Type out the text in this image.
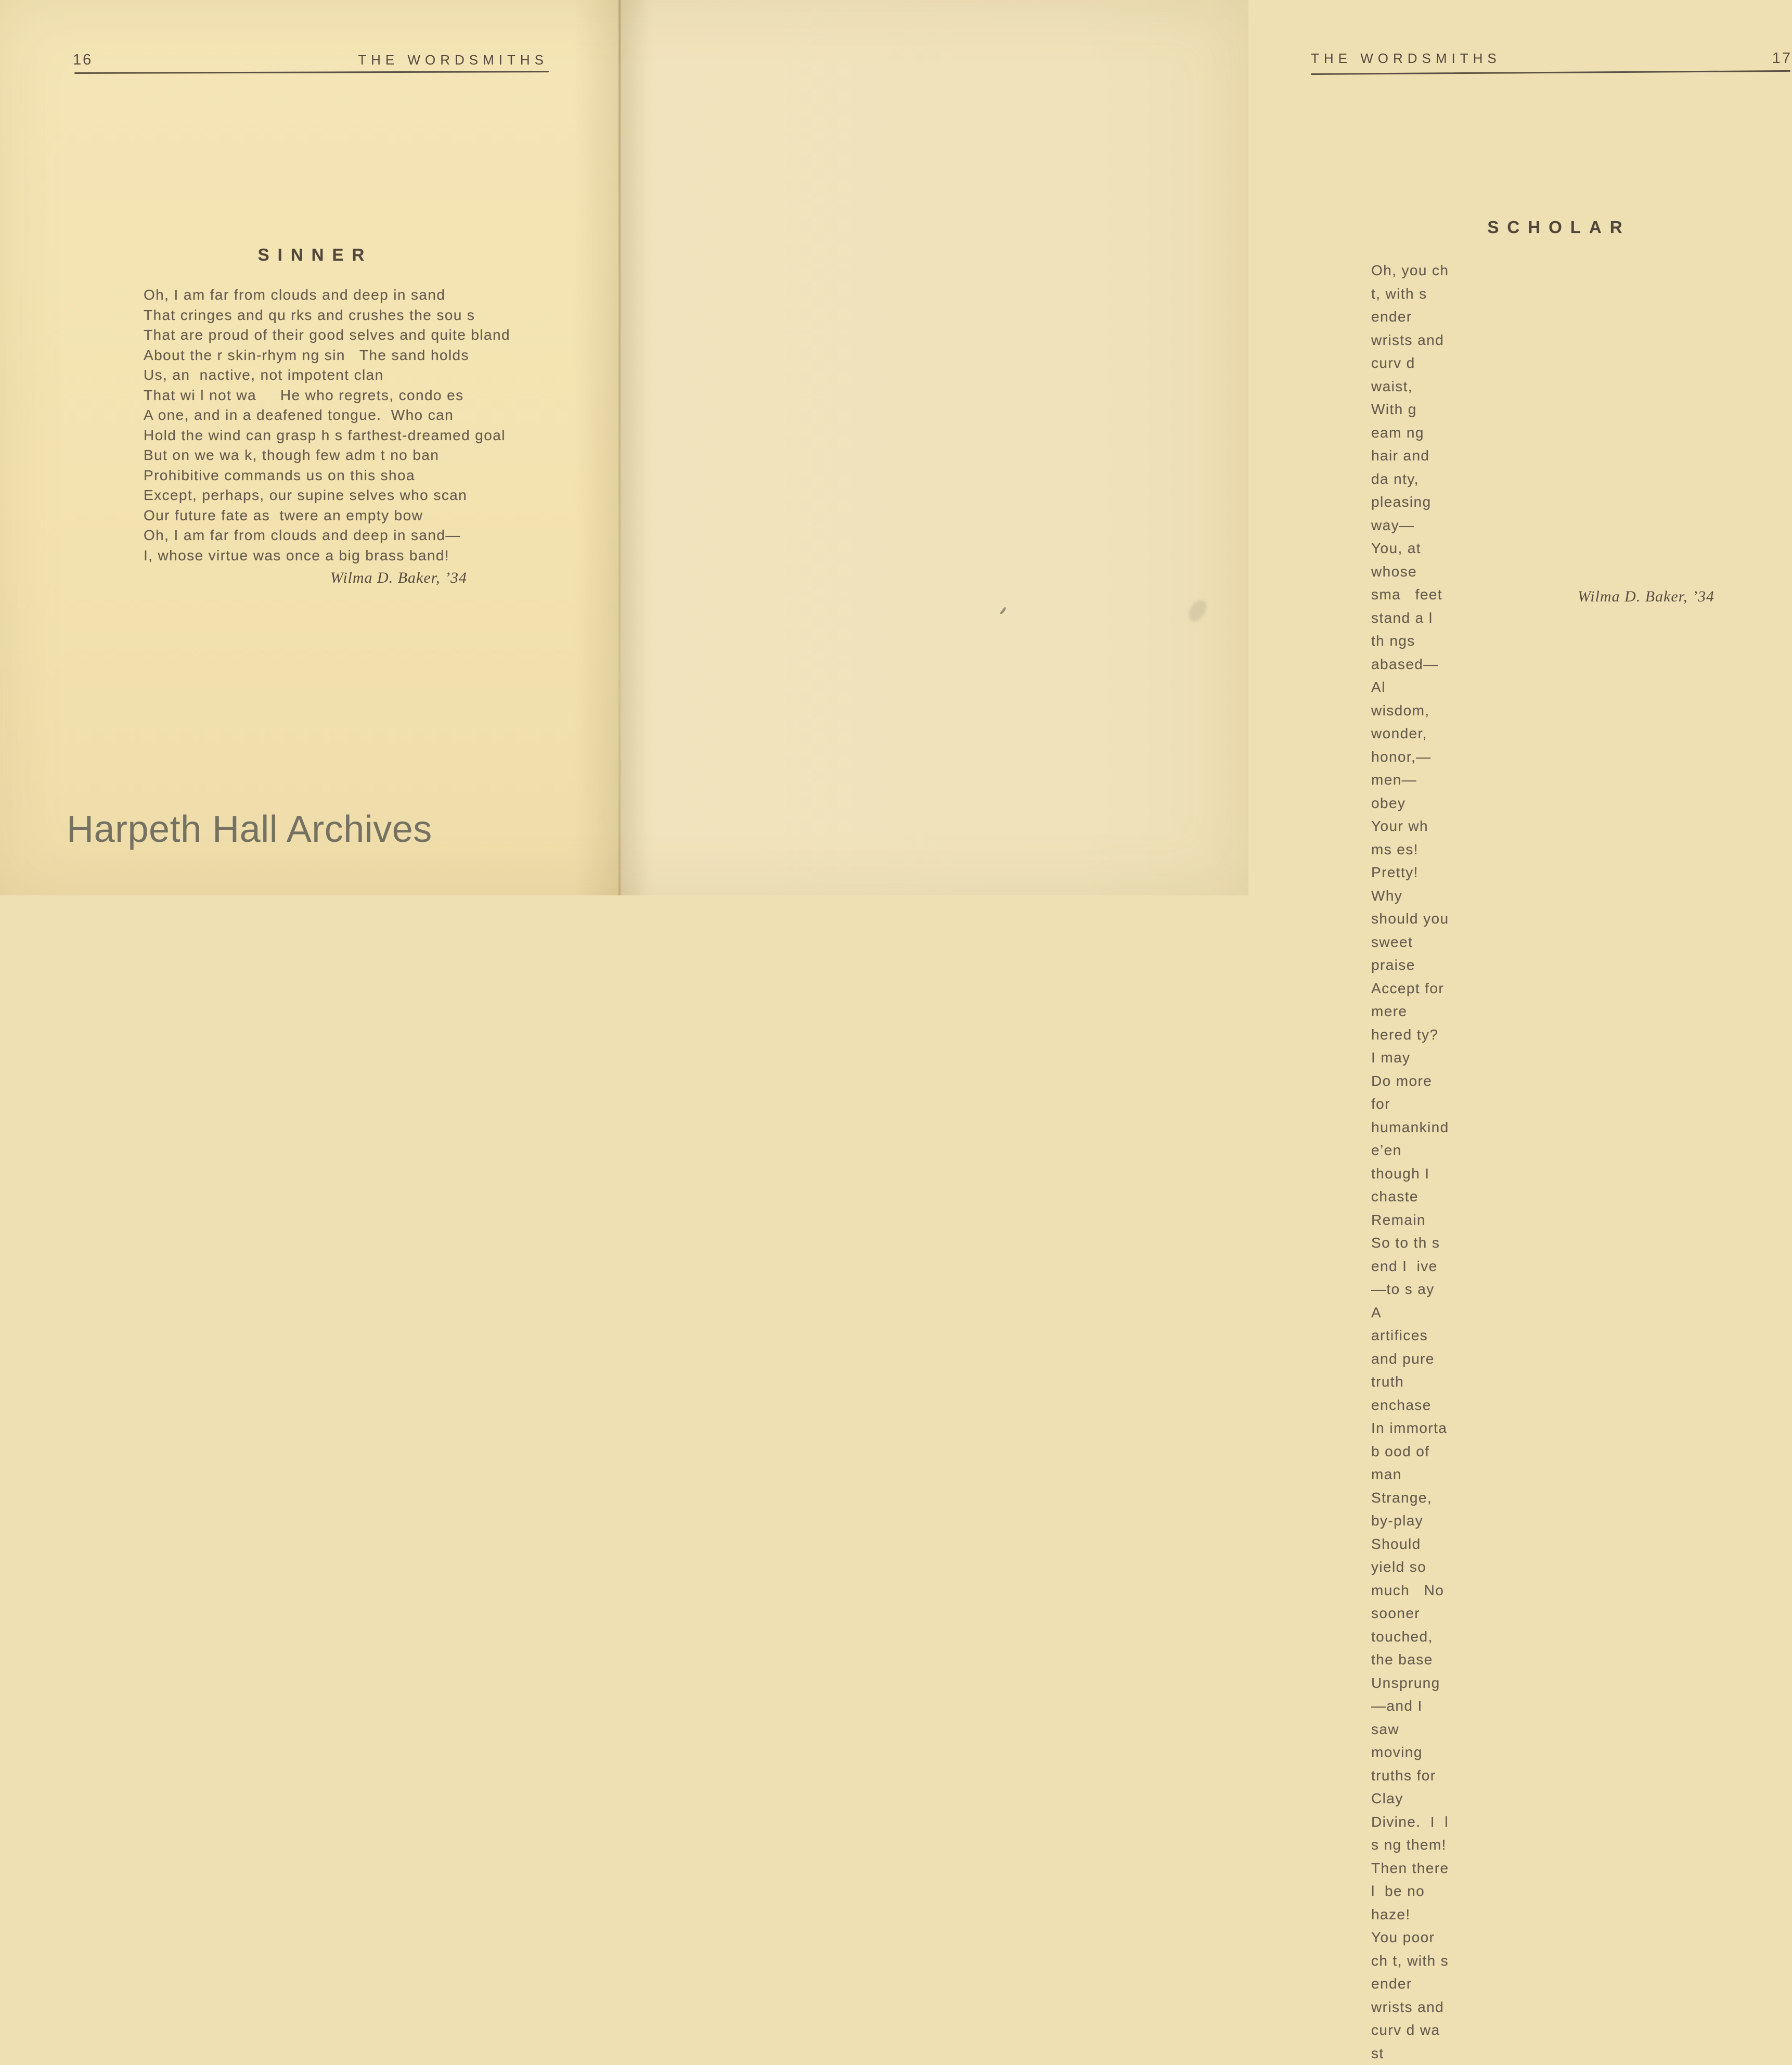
16	THE WORDSMITHS
SINNER
Oh, I am far from clouds and deep in sand
That cringes and qu rks and crushes the sou s
That are proud of their good selves and quite bland
About the r skin-rhym ng sin   The sand holds
Us, an  nactive, not impotent clan
That wi l not wa     He who regrets, condo es
A one, and in a deafened tongue.  Who can
Hold the wind can grasp h s farthest-dreamed goal
But on we wa k, though few adm t no ban
Prohibitive commands us on this shoa
Except, perhaps, our supine selves who scan
Our future fate as  twere an empty bow
Oh, I am far from clouds and deep in sand—
I, whose virtue was once a big brass band!
Wilma D. Baker, ’34
THE WORDSMITHS	17
SCHOLAR
Oh, you ch t, with s ender wrists and curv d waist,
With g eam ng hair and da nty, pleasing way—
You, at whose sma   feet stand a l th ngs abased—
Al  wisdom, wonder, honor,—men—obey
Your wh ms es!  Pretty!  Why should you sweet praise
Accept for mere hered ty?  I may
Do more for humankind e’en though I chaste
Remain   So to th s end I  ive—to s ay
A   artifices and pure truth enchase
In immorta  b ood of man   Strange, by-play
Should yield so much   No sooner touched, the base
Unsprung—and I saw moving truths for Clay
Divine.  I  l s ng them!  Then there l  be no haze!
You poor ch t, with s ender wrists and curv d wa st
Wilma D. Baker, ’34
Harpeth Hall Archives
